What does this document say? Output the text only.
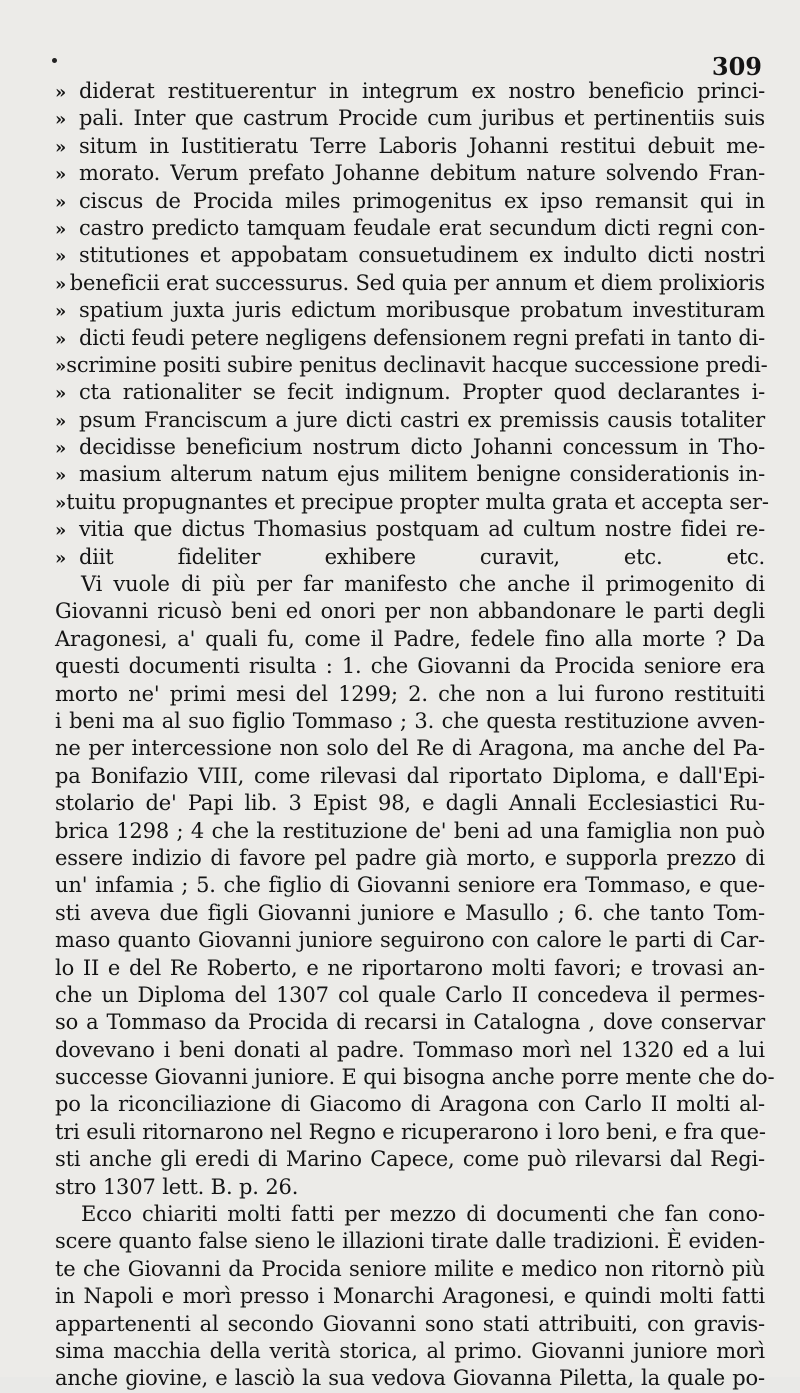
309
» diderat restituerentur in integrum ex nostro beneficio princi-
» pali. Inter que castrum Procide cum juribus et pertinentiis suis
» situm in Iustitieratu Terre Laboris Johanni restitui debuit me-
» morato. Verum prefato Johanne debitum nature solvendo Fran-
» ciscus de Procida miles primogenitus ex ipso remansit qui in
» castro predicto tamquam feudale erat secundum dicti regni con-
» stitutiones et appobatam consuetudinem ex indulto dicti nostri
» beneficii erat successurus. Sed quia per annum et diem prolixioris
» spatium juxta juris edictum moribusque probatum investituram
» dicti feudi petere negligens defensionem regni prefati in tanto di-
» scrimine positi subire penitus declinavit hacque successione predi-
» cta rationaliter se fecit indignum. Propter quod declarantes i-
» psum Franciscum a jure dicti castri ex premissis causis totaliter
» decidisse beneficium nostrum dicto Johanni concessum in Tho-
» masium alterum natum ejus militem benigne considerationis in-
» tuitu propugnantes et precipue propter multa grata et accepta ser-
» vitia que dictus Thomasius postquam ad cultum nostre fidei re-
» diit fideliter exhibere curavit, etc. etc.
Vi vuole di più per far manifesto che anche il primogenito di
Giovanni ricusò beni ed onori per non abbandonare le parti degli
Aragonesi, a' quali fu, come il Padre, fedele fino alla morte ? Da
questi documenti risulta : 1. che Giovanni da Procida seniore era
morto ne' primi mesi del 1299; 2. che non a lui furono restituiti
i beni ma al suo figlio Tommaso ; 3. che questa restituzione avven-
ne per intercessione non solo del Re di Aragona, ma anche del Pa-
pa Bonifazio VIII, come rilevasi dal riportato Diploma, e dall'Epi-
stolario de' Papi lib. 3 Epist 98, e dagli Annali Ecclesiastici Ru-
brica 1298 ; 4 che la restituzione de' beni ad una famiglia non può
essere indizio di favore pel padre già morto, e supporla prezzo di
un' infamia ; 5. che figlio di Giovanni seniore era Tommaso, e que-
sti aveva due figli Giovanni juniore e Masullo ; 6. che tanto Tom-
maso quanto Giovanni juniore seguirono con calore le parti di Car-
lo II e del Re Roberto, e ne riportarono molti favori; e trovasi an-
che un Diploma del 1307 col quale Carlo II concedeva il permes-
so a Tommaso da Procida di recarsi in Catalogna , dove conservar
dovevano i beni donati al padre. Tommaso morì nel 1320 ed a lui
successe Giovanni juniore. E qui bisogna anche porre mente che do-
po la riconciliazione di Giacomo di Aragona con Carlo II molti al-
tri esuli ritornarono nel Regno e ricuperarono i loro beni, e fra que-
sti anche gli eredi di Marino Capece, come può rilevarsi dal Regi-
stro 1307 lett. B. p. 26.
Ecco chiariti molti fatti per mezzo di documenti che fan cono-
scere quanto false sieno le illazioni tirate dalle tradizioni. È eviden-
te che Giovanni da Procida seniore milite e medico non ritornò più
in Napoli e morì presso i Monarchi Aragonesi, e quindi molti fatti
appartenenti al secondo Giovanni sono stati attribuiti, con gravis-
sima macchia della verità storica, al primo. Giovanni juniore morì
anche giovine, e lasciò la sua vedova Giovanna Piletta, la quale po-
